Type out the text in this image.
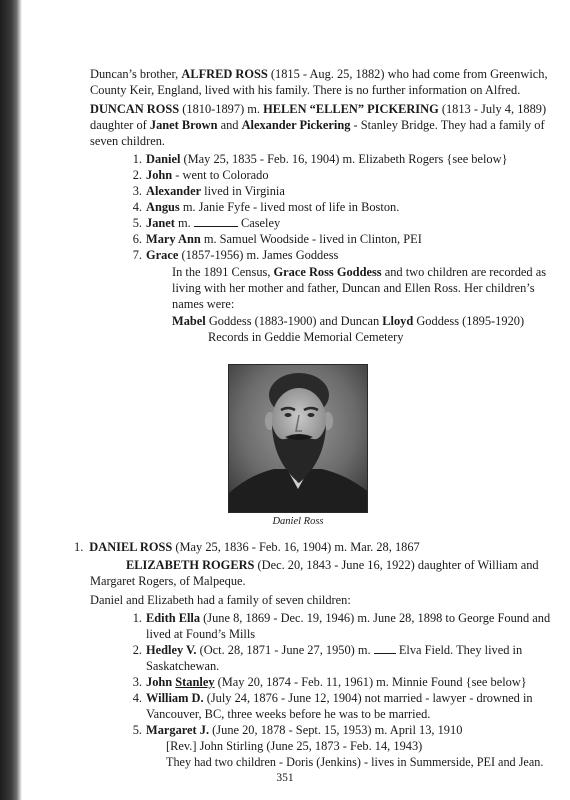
Duncan’s brother, ALFRED ROSS (1815 - Aug. 25, 1882) who had come from Greenwich,

County Keir, England, lived with his family. There is no further information on Alfred.

DUNCAN ROSS (1810-1897) m. HELEN “ELLEN” PICKERING (1813 - July 4, 1889)

daughter of Janet Brown and Alexander Pickering - Stanley Bridge. They had a family of

seven children.

1. Daniel (May 25, 1835 - Feb. 16, 1904) m. Elizabeth Rogers {see below}

2. John - went to Colorado

3. Alexander lived in Virginia

4. Angus m. Janie Fyfe - lived most of life in Boston.

5. Janet m.	Caseley

6. Mary Ann m. Samuel Woodside - lived in Clinton, PEI

7. Grace (1857-1956) m. James Goddess

In the 1891 Census, Grace Ross Goddess and two children are recorded as

living with her mother and father, Duncan and Ellen Ross. Her children’s

names were:

Mabel Goddess (1883-1900) and Duncan Lloyd Goddess (1895-1920)

Records in Geddie Memorial Cemetery

Daniel Ross

1. DANIEL ROSS (May 25, 1836 - Feb. 16, 1904) m. Mar. 28, 1867

ELIZABETH ROGERS (Dec. 20, 1843 - June 16, 1922) daughter of William and

Margaret Rogers, of Malpeque.

Daniel and Elizabeth had a family of seven children:

1. Edith Ella (June 8, 1869 - Dec. 19, 1946) m. June 28, 1898 to George Found and

lived at Found’s Mills

2. Hedley V. (Oct. 28, 1871 - June 27, 1950) m.  Elva Field. They lived in

Saskatchewan.

3. John Stanley (May 20, 1874 - Feb. 11, 1961) m. Minnie Found {see below}

4. William D. (July 24, 1876 - June 12, 1904) not married - lawyer - drowned in

Vancouver, BC, three weeks before he was to be married.

5. Margaret J. (June 20, 1878 - Sept. 15, 1953) m. April 13, 1910

[Rev.] John Stirling (June 25, 1873 - Feb. 14, 1943)

They had two children - Doris (Jenkins) - lives in Summerside, PEI and Jean.

351
